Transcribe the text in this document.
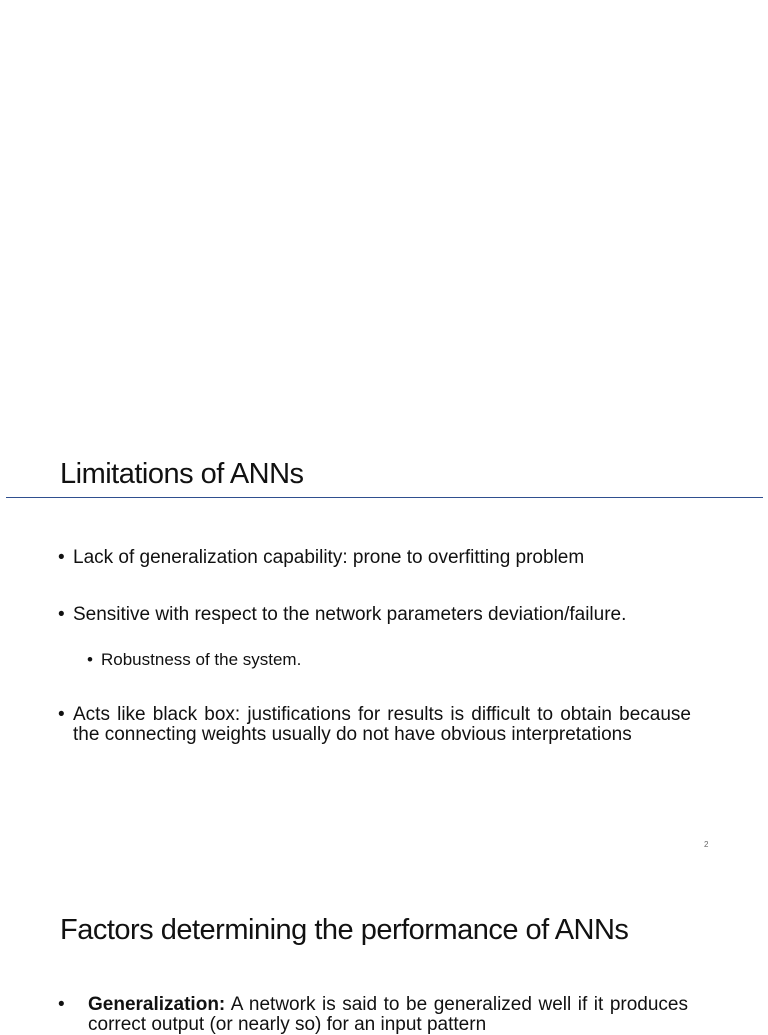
Limitations of ANNs
• Lack of generalization capability: prone to overfitting problem
• Sensitive with respect to the network parameters deviation/failure.
• Robustness of the system.
• Acts like black box: justifications for results is difficult to obtain because the connecting weights usually do not have obvious interpretations
2
Factors determining the performance of ANNs
• Generalization: A network is said to be generalized well if it produces correct output (or nearly so) for an input pattern
